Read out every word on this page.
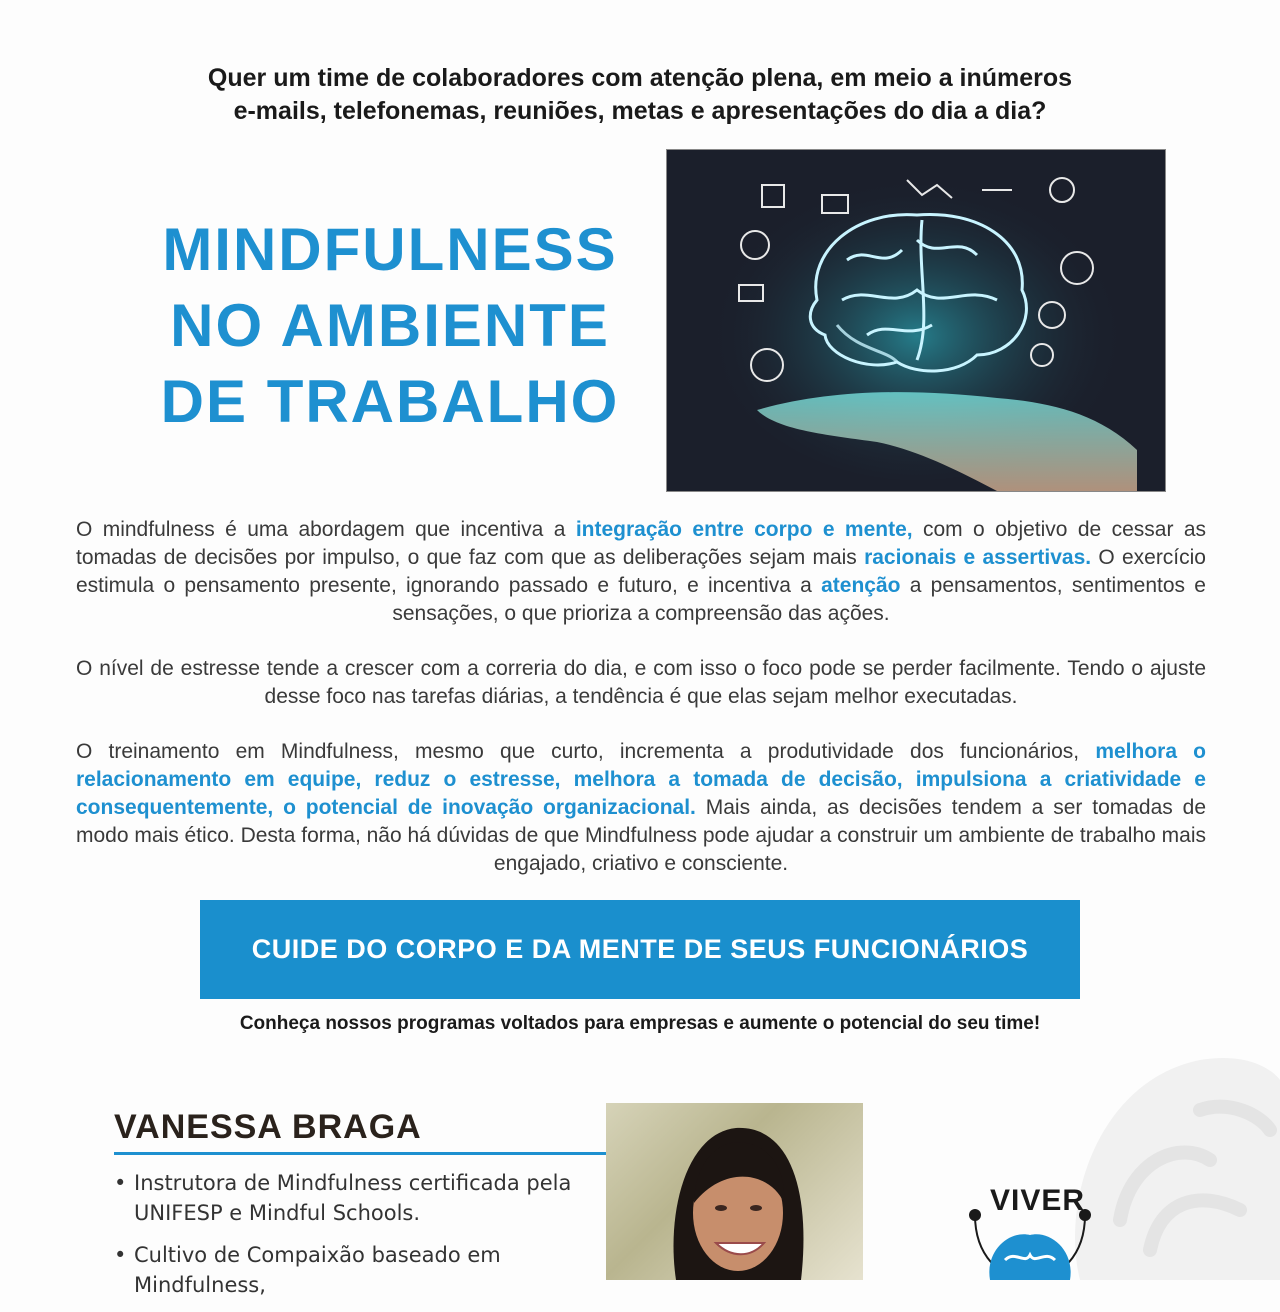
Quer um time de colaboradores com atenção plena, em meio a inúmeros
e-mails, telefonemas, reuniões, metas e apresentações do dia a dia?
MINDFULNESS
NO AMBIENTE
DE TRABALHO
O mindfulness é uma abordagem que incentiva a integração entre corpo e mente, com o objetivo de cessar as tomadas de decisões por impulso, o que faz com que as deliberações sejam mais racionais e assertivas. O exercício estimula o pensamento presente, ignorando passado e futuro, e incentiva a atenção a pensamentos, sentimentos e sensações, o que prioriza a compreensão das ações.
O nível de estresse tende a crescer com a correria do dia, e com isso o foco pode se perder facilmente. Tendo o ajuste desse foco nas tarefas diárias, a tendência é que elas sejam melhor executadas.
O treinamento em Mindfulness, mesmo que curto, incrementa a produtividade dos funcionários, melhora o relacionamento em equipe, reduz o estresse, melhora a tomada de decisão, impulsiona a criatividade e consequentemente, o potencial de inovação organizacional. Mais ainda, as decisões tendem a ser tomadas de modo mais ético. Desta forma, não há dúvidas de que Mindfulness pode ajudar a construir um ambiente de trabalho mais engajado, criativo e consciente.
CUIDE DO CORPO E DA MENTE DE SEUS FUNCIONÁRIOS
Conheça nossos programas voltados para empresas e aumente o potencial do seu time!
VANESSA BRAGA
• Instrutora de Mindfulness certificada pela UNIFESP e Mindful Schools.
• Cultivo de Compaixão baseado em Mindfulness,
VIVER
